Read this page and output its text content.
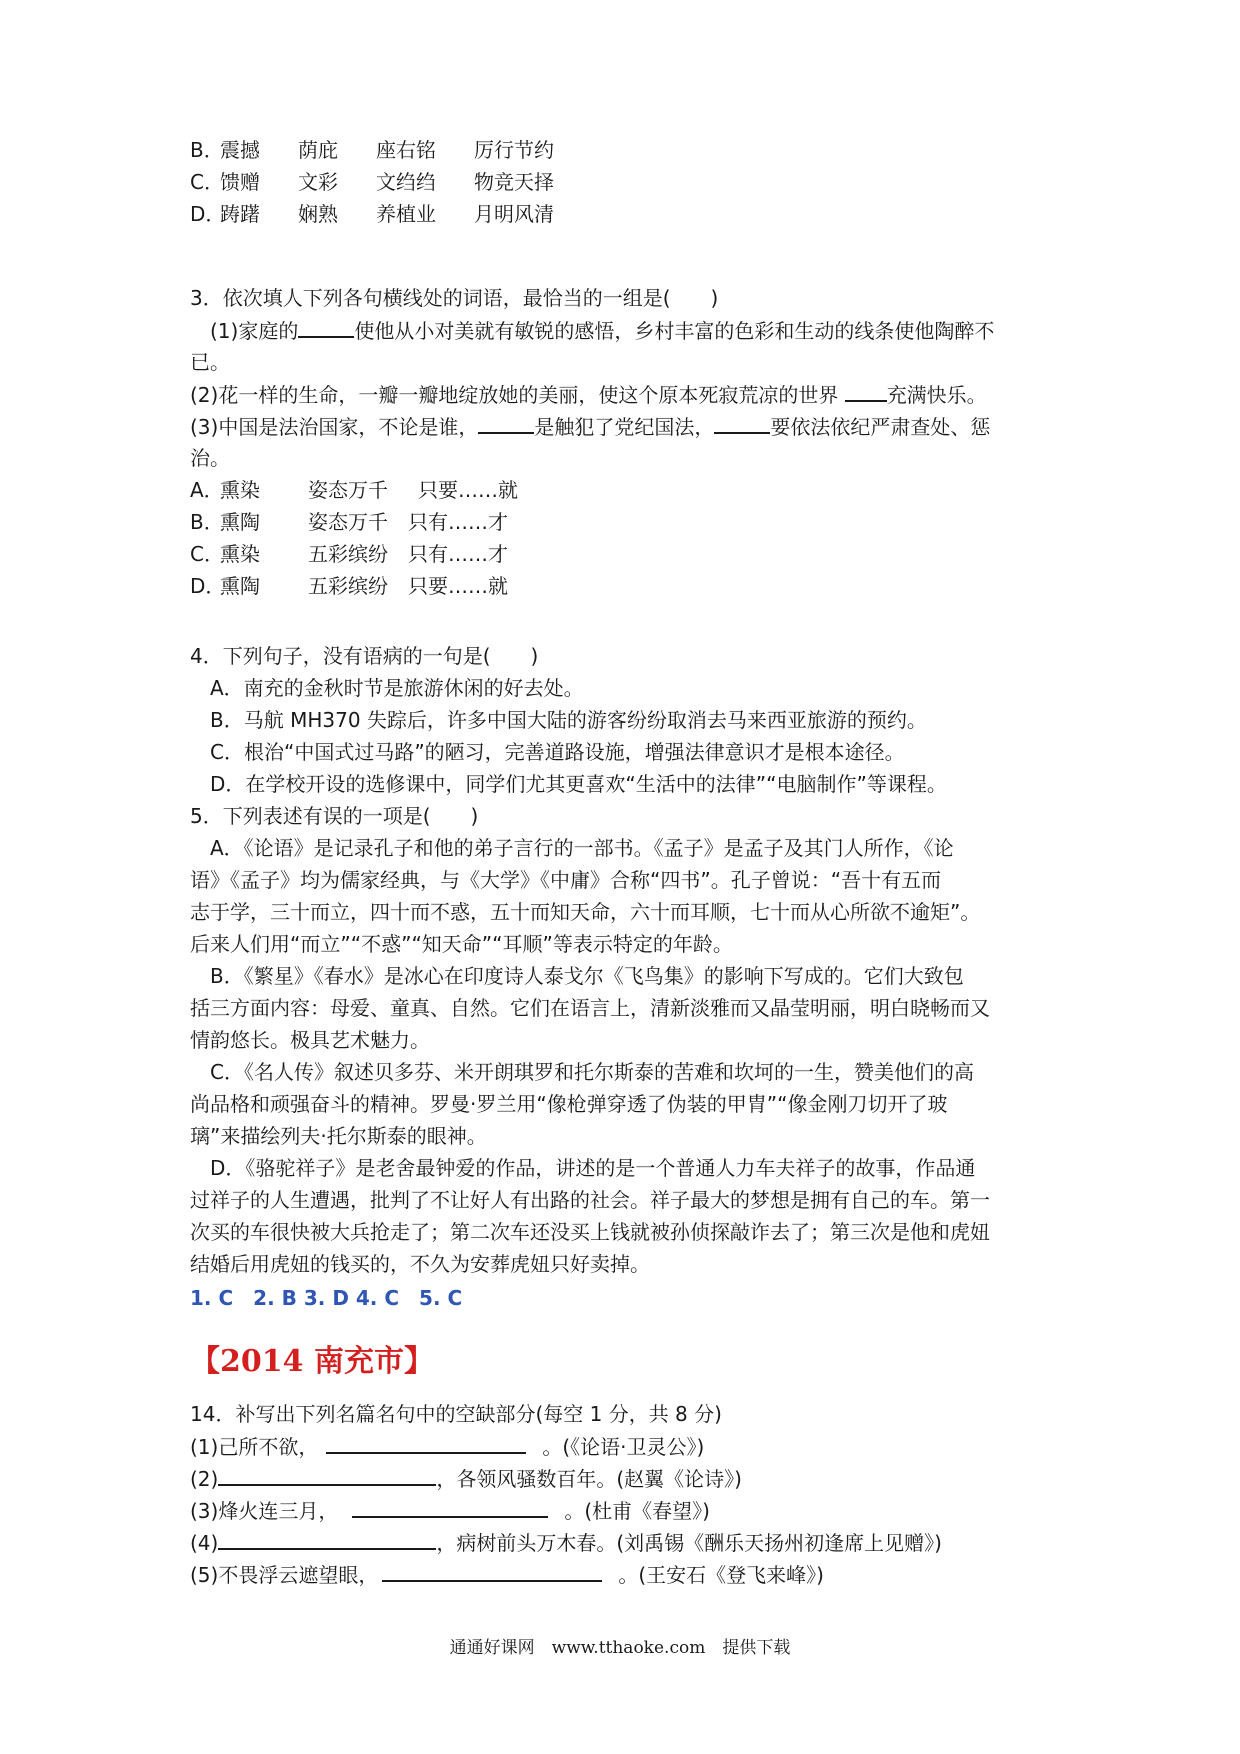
B．震撼 荫庇 座右铭 厉行节约
C．馈赠 文彩 文绉绉 物竞天择
D．踌躇 娴熟 养植业 月明风清
3．依次填人下列各句横线处的词语，最恰当的一组是(　　)
(1)家庭的	使他从小对美就有敏锐的感悟，乡村丰富的色彩和生动的线条使他陶醉不
已。
(2)花一样的生命，一瓣一瓣地绽放她的美丽，使这个原本死寂荒凉的世界 充满快乐。
(3)中国是法治国家，不论是谁，	是触犯了党纪国法，	要依法依纪严肃查处、惩
治。
A．熏染 姿态万千 只要……就
B．熏陶 姿态万千 只有……才
C．熏染 五彩缤纷 只有……才
D．熏陶 五彩缤纷 只要……就
4．下列句子，没有语病的一句是(　　)
A．南充的金秋时节是旅游休闲的好去处。
B．马航 MH370 失踪后，许多中国大陆的游客纷纷取消去马来西亚旅游的预约。
C．根治“中国式过马路”的陋习，完善道路设施，增强法律意识才是根本途径。
D．在学校开设的选修课中，同学们尤其更喜欢“生活中的法律”“电脑制作”等课程。
5．下列表述有误的一项是(　　)
A．《论语》是记录孔子和他的弟子言行的一部书。《孟子》是孟子及其门人所作，《论
语》《孟子》均为儒家经典，与《大学》《中庸》合称“四书”。孔子曾说：“吾十有五而
志于学，三十而立，四十而不惑，五十而知天命，六十而耳顺，七十而从心所欲不逾矩”。
后来人们用“而立”“不惑”“知天命”“耳顺”等表示特定的年龄。
B．《繁星》《春水》是冰心在印度诗人泰戈尔《飞鸟集》的影响下写成的。它们大致包
括三方面内容：母爱、童真、自然。它们在语言上，清新淡雅而又晶莹明丽，明白晓畅而又
情韵悠长。极具艺术魅力。
C．《名人传》叙述贝多芬、米开朗琪罗和托尔斯泰的苦难和坎坷的一生，赞美他们的高
尚品格和顽强奋斗的精神。罗曼·罗兰用“像枪弹穿透了伪装的甲胄”“像金刚刀切开了玻
璃”来描绘列夫·托尔斯泰的眼神。
D．《骆驼祥子》是老舍最钟爱的作品，讲述的是一个普通人力车夫祥子的故事，作品通
过祥子的人生遭遇，批判了不让好人有出路的社会。祥子最大的梦想是拥有自己的车。第一
次买的车很快被大兵抢走了；第二次车还没买上钱就被孙侦探敲诈去了；第三次是他和虎妞
结婚后用虎妞的钱买的，不久为安葬虎妞只好卖掉。
1. C　2. B 3. D 4. C　5. C
【2014 南充市】
14．补写出下列名篇名句中的空缺部分(每空 1 分，共 8 分)
(1)己所不欲，	。(《论语·卫灵公》)
(2)	，各领风骚数百年。(赵翼《论诗》)
(3)烽火连三月，	。(杜甫《春望》)
(4)	，病树前头万木春。(刘禹锡《酬乐天扬州初逢席上见赠》)
(5)不畏浮云遮望眼，	。(王安石《登飞来峰》)
通通好课网　www.tthaoke.com　提供下载
